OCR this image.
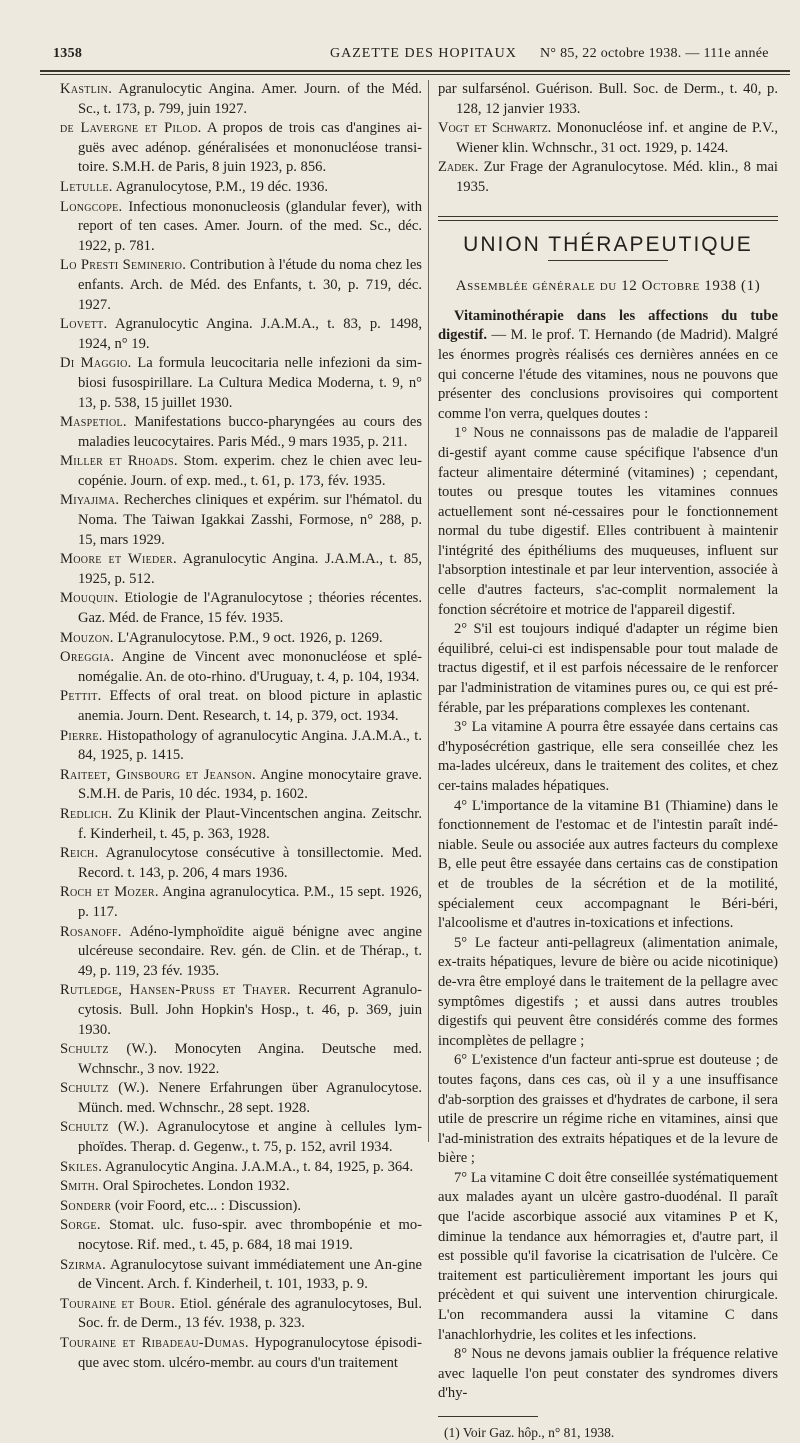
1358	GAZETTE DES HOPITAUX N° 85, 22 octobre 1938. — 111e année

Kastlin. Agranulocytic Angina. Amer. Journ. of the Méd. Sc., t. 173, p. 799, juin 1927.

de Lavergne et Pilod. A propos de trois cas d'angines ai-guës avec adénop. généralisées et mononucléose transi-toire. S.M.H. de Paris, 8 juin 1923, p. 856.

Letulle. Agranulocytose, P.M., 19 déc. 1936.

Longcope. Infectious mononucleosis (glandular fever), with report of ten cases. Amer. Journ. of the med. Sc., déc. 1922, p. 781.

Lo Presti Seminerio. Contribution à l'étude du noma chez les enfants. Arch. de Méd. des Enfants, t. 30, p. 719, déc. 1927.

Lovett. Agranulocytic Angina. J.A.M.A., t. 83, p. 1498, 1924, n° 19.

Di Maggio. La formula leucocitaria nelle infezioni da sim-biosi fusospirillare. La Cultura Medica Moderna, t. 9, n° 13, p. 538, 15 juillet 1930.

Maspetiol. Manifestations bucco-pharyngées au cours des maladies leucocytaires. Paris Méd., 9 mars 1935, p. 211.

Miller et Rhoads. Stom. experim. chez le chien avec leu-copénie. Journ. of exp. med., t. 61, p. 173, fév. 1935.

Miyajima. Recherches cliniques et expérim. sur l'hématol. du Noma. The Taiwan Igakkai Zasshi, Formose, n° 288, p. 15, mars 1929.

Moore et Wieder. Agranulocytic Angina. J.A.M.A., t. 85, 1925, p. 512.

Mouquin. Etiologie de l'Agranulocytose ; théories récentes. Gaz. Méd. de France, 15 fév. 1935.

Mouzon. L'Agranulocytose. P.M., 9 oct. 1926, p. 1269.

Oreggia. Angine de Vincent avec mononucléose et splé-nomégalie. An. de oto-rhino. d'Uruguay, t. 4, p. 104, 1934.

Pettit. Effects of oral treat. on blood picture in aplastic anemia. Journ. Dent. Research, t. 14, p. 379, oct. 1934.

Pierre. Histopathology of agranulocytic Angina. J.A.M.A., t. 84, 1925, p. 1415.

Raiteet, Ginsbourg et Jeanson. Angine monocytaire grave. S.M.H. de Paris, 10 déc. 1934, p. 1602.

Redlich. Zu Klinik der Plaut-Vincentschen angina. Zeitschr. f. Kinderheil, t. 45, p. 363, 1928.

Reich. Agranulocytose consécutive à tonsillectomie. Med. Record. t. 143, p. 206, 4 mars 1936.

Roch et Mozer. Angina agranulocytica. P.M., 15 sept. 1926, p. 117.

Rosanoff. Adéno-lymphoïdite aiguë bénigne avec angine ulcéreuse secondaire. Rev. gén. de Clin. et de Thérap., t. 49, p. 119, 23 fév. 1935.

Rutledge, Hansen-Pruss et Thayer. Recurrent Agranulo-cytosis. Bull. John Hopkin's Hosp., t. 46, p. 369, juin 1930.

Schultz (W.). Monocyten Angina. Deutsche med. Wchnschr., 3 nov. 1922.

Schultz (W.). Nenere Erfahrungen über Agranulocytose. Münch. med. Wchnschr., 28 sept. 1928.

Schultz (W.). Agranulocytose et angine à cellules lym-phoïdes. Therap. d. Gegenw., t. 75, p. 152, avril 1934.

Skiles. Agranulocytic Angina. J.A.M.A., t. 84, 1925, p. 364.

Smith. Oral Spirochetes. London 1932.

Sonderr (voir Foord, etc... : Discussion).

Sorge. Stomat. ulc. fuso-spir. avec thrombopénie et mo-nocytose. Rif. med., t. 45, p. 684, 18 mai 1919.

Szirma. Agranulocytose suivant immédiatement une An-gine de Vincent. Arch. f. Kinderheil, t. 101, 1933, p. 9.

Touraine et Bour. Etiol. générale des agranulocytoses, Bul. Soc. fr. de Derm., 13 fév. 1938, p. 323.

Touraine et Ribadeau-Dumas. Hypogranulocytose épisodi-que avec stom. ulcéro-membr. au cours d'un traitement

par sulfarsénol. Guérison. Bull. Soc. de Derm., t. 40, p. 128, 12 janvier 1933.

Vogt et Schwartz. Mononucléose inf. et angine de P.V., Wiener klin. Wchnschr., 31 oct. 1929, p. 1424.

Zadek. Zur Frage der Agranulocytose. Méd. klin., 8 mai 1935.

UNION THÉRAPEUTIQUE
Assemblée générale du 12 Octobre 1938 (1)

Vitaminothérapie dans les affections du tube digestif. — M. le prof. T. Hernando (de Madrid). Malgré les énormes progrès réalisés ces dernières années en ce qui concerne l'étude des vitamines, nous ne pouvons que présenter des conclusions provisoires qui comportent comme l'on verra, quelques doutes :

1° Nous ne connaissons pas de maladie de l'appareil di-gestif ayant comme cause spécifique l'absence d'un facteur alimentaire déterminé (vitamines) ; cependant, toutes ou presque toutes les vitamines connues actuellement sont né-cessaires pour le fonctionnement normal du tube digestif. Elles contribuent à maintenir l'intégrité des épithéliums des muqueuses, influent sur l'absorption intestinale et par leur intervention, associée à celle d'autres facteurs, s'ac-complit normalement la fonction sécrétoire et motrice de l'appareil digestif.

2° S'il est toujours indiqué d'adapter un régime bien équilibré, celui-ci est indispensable pour tout malade de tractus digestif, et il est parfois nécessaire de le renforcer par l'administration de vitamines pures ou, ce qui est pré-férable, par les préparations complexes les contenant.

3° La vitamine A pourra être essayée dans certains cas d'hyposécrétion gastrique, elle sera conseillée chez les ma-lades ulcéreux, dans le traitement des colites, et chez cer-tains malades hépatiques.

4° L'importance de la vitamine B1 (Thiamine) dans le fonctionnement de l'estomac et de l'intestin paraît indé-niable. Seule ou associée aux autres facteurs du complexe B, elle peut être essayée dans certains cas de constipation et de troubles de la sécrétion et de la motilité, spécialement ceux accompagnant le Béri-béri, l'alcoolisme et d'autres in-toxications et infections.

5° Le facteur anti-pellagreux (alimentation animale, ex-traits hépatiques, levure de bière ou acide nicotinique) de-vra être employé dans le traitement de la pellagre avec symptômes digestifs ; et aussi dans autres troubles digestifs qui peuvent être considérés comme des formes incomplètes de pellagre ;

6° L'existence d'un facteur anti-sprue est douteuse ; de toutes façons, dans ces cas, où il y a une insuffisance d'ab-sorption des graisses et d'hydrates de carbone, il sera utile de prescrire un régime riche en vitamines, ainsi que l'ad-ministration des extraits hépatiques et de la levure de bière ;

7° La vitamine C doit être conseillée systématiquement aux malades ayant un ulcère gastro-duodénal. Il paraît que l'acide ascorbique associé aux vitamines P et K, diminue la tendance aux hémorragies et, d'autre part, il est possible qu'il favorise la cicatrisation de l'ulcère. Ce traitement est particulièrement important les jours qui précèdent et qui suivent une intervention chirurgicale. L'on recommandera aussi la vitamine C dans l'anachlorhydrie, les colites et les infections.

8° Nous ne devons jamais oublier la fréquence relative avec laquelle l'on peut constater des syndromes divers d'hy-

(1) Voir Gaz. hôp., n° 81, 1938.
